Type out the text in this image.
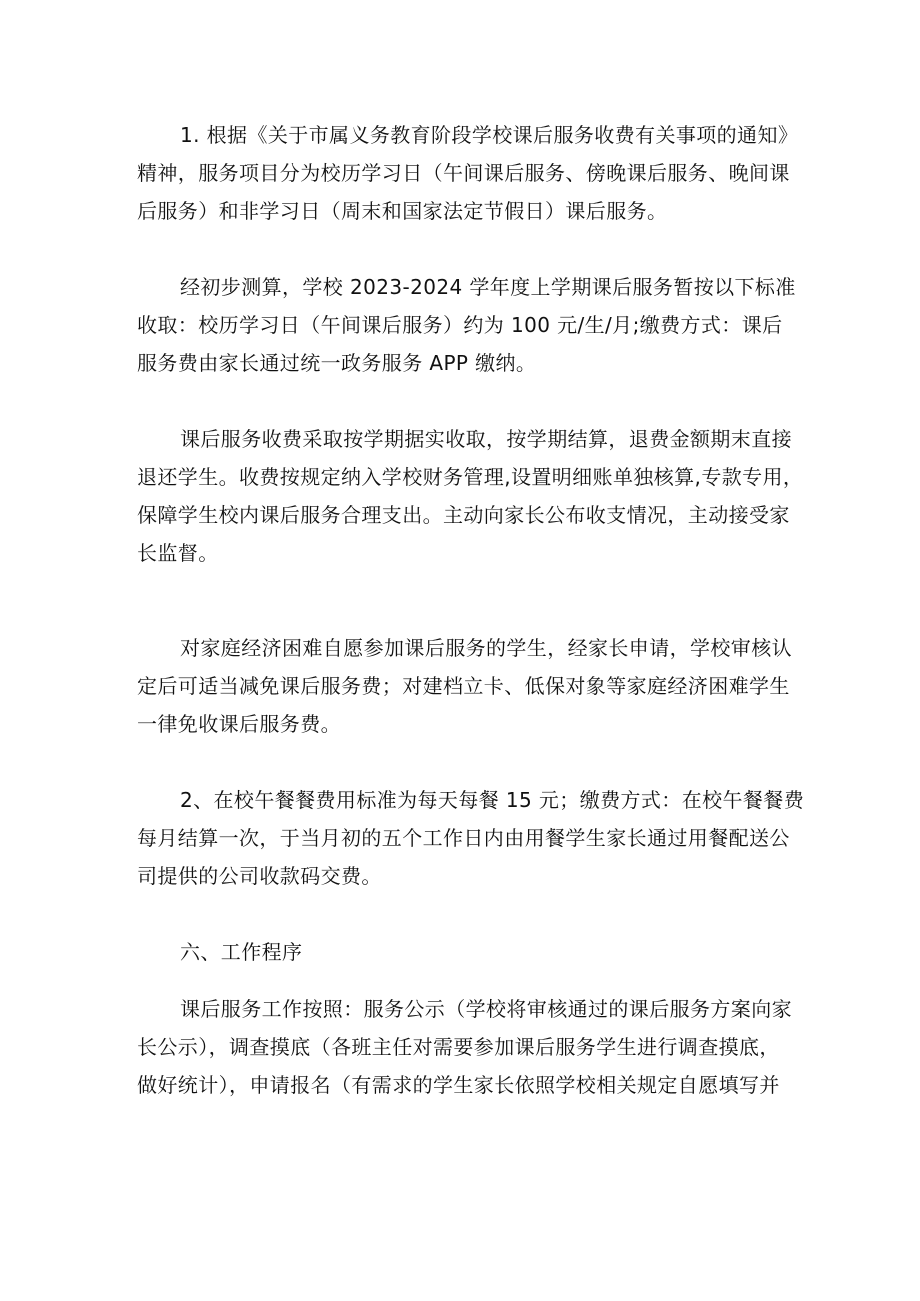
1. 根据《关于市属义务教育阶段学校课后服务收费有关事项的通知》
精神，服务项目分为校历学习日（午间课后服务、傍晚课后服务、晚间课
后服务）和非学习日（周末和国家法定节假日）课后服务。

经初步测算，学校 2023-2024 学年度上学期课后服务暂按以下标准
收取：校历学习日（午间课后服务）约为 100 元/生/月;缴费方式：课后
服务费由家长通过统一政务服务 APP 缴纳。

课后服务收费采取按学期据实收取，按学期结算，退费金额期末直接
退还学生。收费按规定纳入学校财务管理,设置明细账单独核算,专款专用，
保障学生校内课后服务合理支出。主动向家长公布收支情况，主动接受家
长监督。

对家庭经济困难自愿参加课后服务的学生，经家长申请，学校审核认
定后可适当减免课后服务费；对建档立卡、低保对象等家庭经济困难学生
一律免收课后服务费。

2、在校午餐餐费用标准为每天每餐 15 元；缴费方式：在校午餐餐费
每月结算一次，于当月初的五个工作日内由用餐学生家长通过用餐配送公
司提供的公司收款码交费。

六、工作程序

课后服务工作按照：服务公示（学校将审核通过的课后服务方案向家
长公示），调查摸底（各班主任对需要参加课后服务学生进行调查摸底，
做好统计），申请报名（有需求的学生家长依照学校相关规定自愿填写并
